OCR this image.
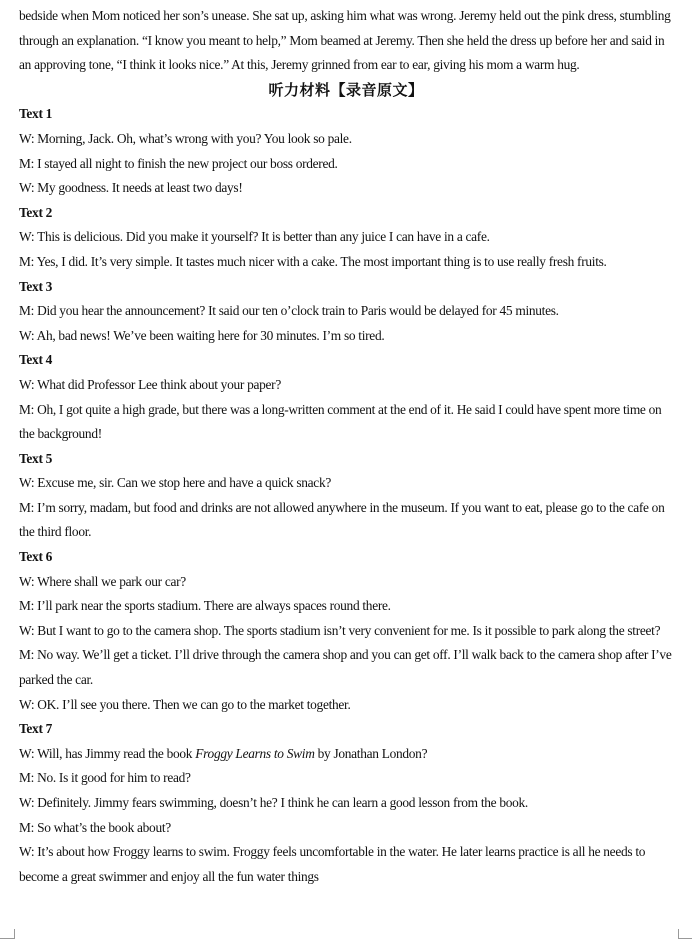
bedside when Mom noticed her son’s unease. She sat up, asking him what was wrong. Jeremy held out the pink dress, stumbling through an explanation. “I know you meant to help,” Mom beamed at Jeremy. Then she held the dress up before her and said in an approving tone, “I think it looks nice.” At this, Jeremy grinned from ear to ear, giving his mom a warm hug.

听力材料【录音原文】

Text 1

W: Morning, Jack. Oh, what’s wrong with you? You look so pale.

M: I stayed all night to finish the new project our boss ordered.

W: My goodness. It needs at least two days!

Text 2

W: This is delicious. Did you make it yourself? It is better than any juice I can have in a cafe.

M: Yes, I did. It’s very simple. It tastes much nicer with a cake. The most important thing is to use really fresh fruits.

Text 3

M: Did you hear the announcement? It said our ten o’clock train to Paris would be delayed for 45 minutes.

W: Ah, bad news! We’ve been waiting here for 30 minutes. I’m so tired.

Text 4

W: What did Professor Lee think about your paper?

M: Oh, I got quite a high grade, but there was a long-written comment at the end of it. He said I could have spent more time on the background!

Text 5

W: Excuse me, sir. Can we stop here and have a quick snack?

M: I’m sorry, madam, but food and drinks are not allowed anywhere in the museum. If you want to eat, please go to the cafe on the third floor.

Text 6

W: Where shall we park our car?

M: I’ll park near the sports stadium. There are always spaces round there.

W: But I want to go to the camera shop. The sports stadium isn’t very convenient for me. Is it possible to park along the street?

M: No way. We’ll get a ticket. I’ll drive through the camera shop and you can get off. I’ll walk back to the camera shop after I’ve parked the car.

W: OK. I’ll see you there. Then we can go to the market together.

Text 7

W: Will, has Jimmy read the book Froggy Learns to Swim by Jonathan London?

M: No. Is it good for him to read?

W: Definitely. Jimmy fears swimming, doesn’t he? I think he can learn a good lesson from the book.

M: So what’s the book about?

W: It’s about how Froggy learns to swim. Froggy feels uncomfortable in the water. He later learns practice is all he needs to become a great swimmer and enjoy all the fun water things
